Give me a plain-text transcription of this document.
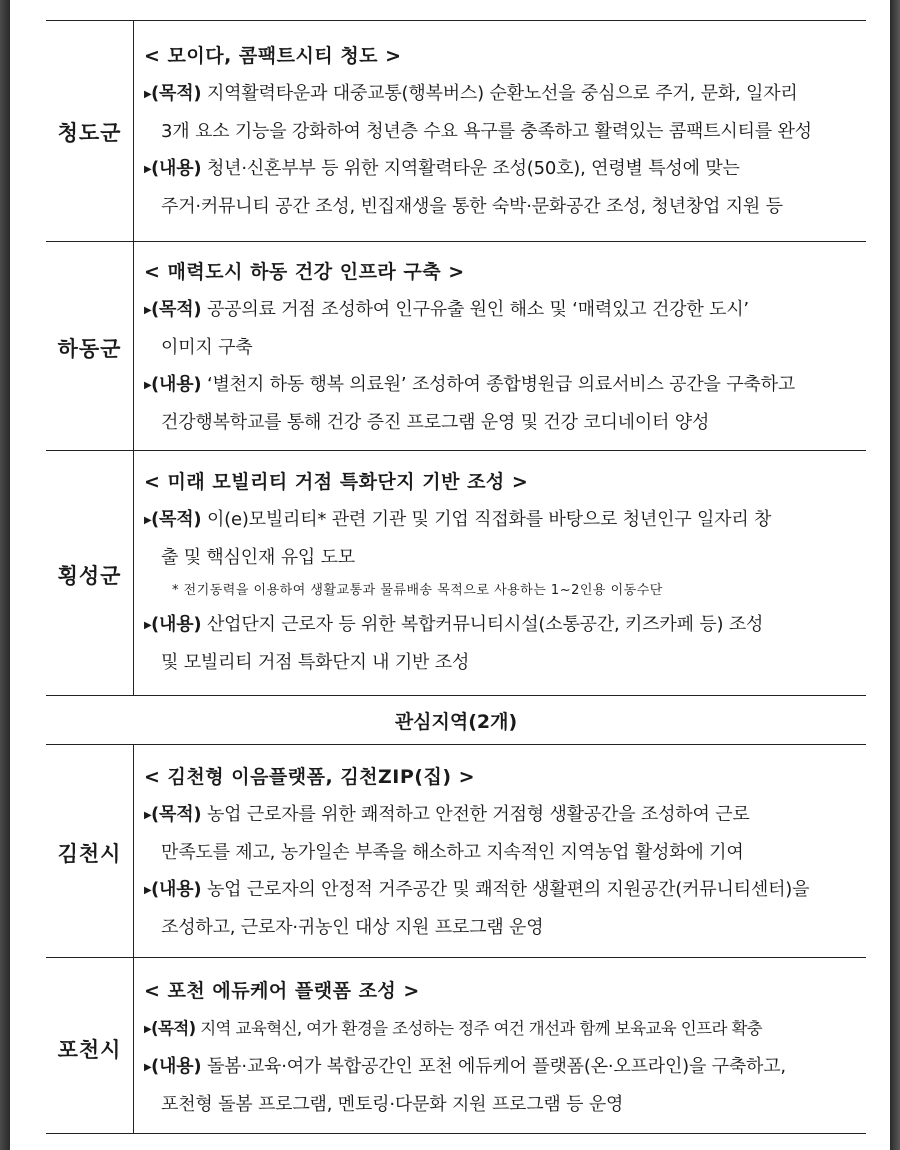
청도군
< 모이다, 콤팩트시티 청도 >
▶(목적) 지역활력타운과 대중교통(행복버스) 순환노선을 중심으로 주거, 문화, 일자리
3개 요소 기능을 강화하여 청년층 수요 욕구를 충족하고 활력있는 콤팩트시티를 완성
▶(내용) 청년·신혼부부 등 위한 지역활력타운 조성(50호), 연령별 특성에 맞는
주거·커뮤니티 공간 조성, 빈집재생을 통한 숙박·문화공간 조성, 청년창업 지원 등
하동군
< 매력도시 하동 건강 인프라 구축 >
▶(목적) 공공의료 거점 조성하여 인구유출 원인 해소 및 ‘매력있고 건강한 도시’
이미지 구축
▶(내용) ‘별천지 하동 행복 의료원’ 조성하여 종합병원급 의료서비스 공간을 구축하고
건강행복학교를 통해 건강 증진 프로그램 운영 및 건강 코디네이터 양성
횡성군
< 미래 모빌리티 거점 특화단지 기반 조성 >
▶(목적) 이(e)모빌리티* 관련 기관 및 기업 직접화를 바탕으로 청년인구 일자리 창
출 및 핵심인재 유입 도모
* 전기동력을 이용하여 생활교통과 물류배송 목적으로 사용하는 1~2인용 이동수단
▶(내용) 산업단지 근로자 등 위한 복합커뮤니티시설(소통공간, 키즈카페 등) 조성
및 모빌리티 거점 특화단지 내 기반 조성
관심지역(2개)
김천시
< 김천형 이음플랫폼, 김천ZIP(집) >
▶(목적) 농업 근로자를 위한 쾌적하고 안전한 거점형 생활공간을 조성하여 근로
만족도를 제고, 농가일손 부족을 해소하고 지속적인 지역농업 활성화에 기여
▶(내용) 농업 근로자의 안정적 거주공간 및 쾌적한 생활편의 지원공간(커뮤니티센터)을
조성하고, 근로자·귀농인 대상 지원 프로그램 운영
포천시
< 포천 에듀케어 플랫폼 조성 >
▶(목적) 지역 교육혁신, 여가 환경을 조성하는 정주 여건 개선과 함께 보육교육 인프라 확충
▶(내용) 돌봄·교육·여가 복합공간인 포천 에듀케어 플랫폼(온·오프라인)을 구축하고,
포천형 돌봄 프로그램, 멘토링·다문화 지원 프로그램 등 운영
